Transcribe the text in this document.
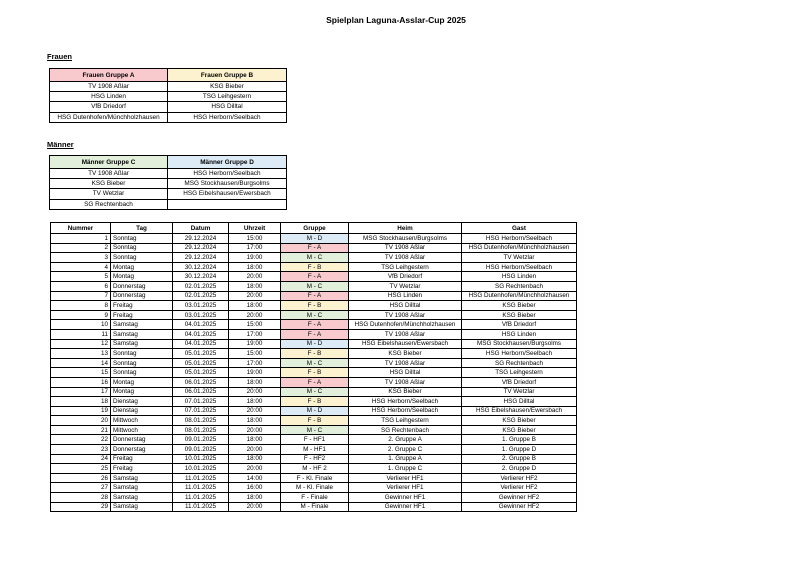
Spielplan Laguna-Asslar-Cup 2025
Frauen
Frauen Gruppe A	Frauen Gruppe B
TV 1908 Aßlar	KSG Bieber
HSG Linden	TSG Leihgestern
VfB Driedorf	HSG Dilltal
HSG Dutenhofen/Münchholzhausen	HSG Herborn/Seelbach
Männer
Männer Gruppe C	Männer Gruppe D
TV 1908 Aßlar	HSG Herborn/Seelbach
KSG Bieber	MSG Stockhausen/Burgsolms
TV Wetzlar	HSG Eibelshausen/Ewersbach
SG Rechtenbach	
Nummer	Tag	Datum	Uhrzeit	Gruppe	Heim	Gast
1	Sonntag	29.12.2024	15:00	M - D	MSG Stockhausen/Burgsolms	HSG Herborn/Seelbach
2	Sonntag	29.12.2024	17:00	F - A	TV 1908 Aßlar	HSG Dutenhofen/Münchholzhausen
3	Sonntag	29.12.2024	19:00	M - C	TV 1908 Aßlar	TV Wetzlar
4	Montag	30.12.2024	18:00	F - B	TSG Leihgestern	HSG Herborn/Seelbach
5	Montag	30.12.2024	20:00	F - A	VfB Driedorf	HSG Linden
6	Donnerstag	02.01.2025	18:00	M - C	TV Wetzlar	SG Rechtenbach
7	Donnerstag	02.01.2025	20:00	F - A	HSG Linden	HSG Dutenhofen/Münchholzhausen
8	Freitag	03.01.2025	18:00	F - B	HSG Dilltal	KSG Bieber
9	Freitag	03.01.2025	20:00	M - C	TV 1908 Aßlar	KSG Bieber
10	Samstag	04.01.2025	15:00	F - A	HSG Dutenhofen/Münchholzhausen	VfB Driedorf
11	Samstag	04.01.2025	17:00	F - A	TV 1908 Aßlar	HSG Linden
12	Samstag	04.01.2025	19:00	M - D	HSG Eibelshausen/Ewersbach	MSG Stockhausen/Burgsolms
13	Sonntag	05.01.2025	15:00	F - B	KSG Bieber	HSG Herborn/Seelbach
14	Sonntag	05.01.2025	17:00	M - C	TV 1908 Aßlar	SG Rechtenbach
15	Sonntag	05.01.2025	19:00	F - B	HSG Dilltal	TSG Leihgestern
16	Montag	06.01.2025	18:00	F - A	TV 1908 Aßlar	VfB Driedorf
17	Montag	06.01.2025	20:00	M - C	KSG Bieber	TV Wetzlar
18	Dienstag	07.01.2025	18:00	F - B	HSG Herborn/Seelbach	HSG Dilltal
19	Dienstag	07.01.2025	20:00	M - D	HSG Herborn/Seelbach	HSG Eibelshausen/Ewersbach
20	Mittwoch	08.01.2025	18:00	F - B	TSG Leihgestern	KSG Bieber
21	Mittwoch	08.01.2025	20:00	M - C	SG Rechtenbach	KSG Bieber
22	Donnerstag	09.01.2025	18:00	F - HF1	2. Gruppe A	1. Gruppe B
23	Donnerstag	09.01.2025	20:00	M - HF1	2. Gruppe C	1. Gruppe D
24	Freitag	10.01.2025	18:00	F - HF2	1. Gruppe A	2. Gruppe B
25	Freitag	10.01.2025	20:00	M - HF 2	1. Gruppe C	2. Gruppe D
26	Samstag	11.01.2025	14:00	F - Kl. Finale	Verlierer HF1	Verlierer HF2
27	Samstag	11.01.2025	16:00	M - Kl. Finale	Verlierer HF1	Verlierer HF2
28	Samstag	11.01.2025	18:00	F - Finale	Gewinner HF1	Gewinner HF2
29	Samstag	11.01.2025	20:00	M - Finale	Gewinner HF1	Gewinner HF2
